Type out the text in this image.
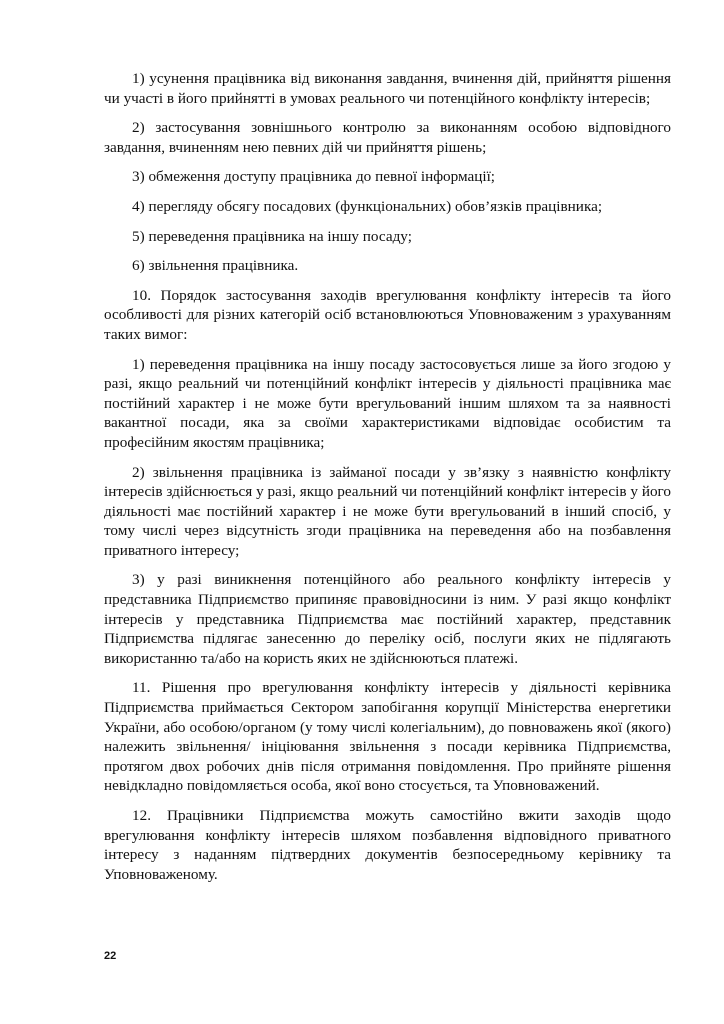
1) усунення працівника від виконання завдання, вчинення дій, прийняття рішення чи участі в його прийнятті в умовах реального чи потенційного конфлікту інтересів;

2) застосування зовнішнього контролю за виконанням особою відповідного завдання, вчиненням нею певних дій чи прийняття рішень;

3) обмеження доступу працівника до певної інформації;

4) перегляду обсягу посадових (функціональних) обов’язків працівника;

5) переведення працівника на іншу посаду;

6) звільнення працівника.

10. Порядок застосування заходів врегулювання конфлікту інтересів та його особливості для різних категорій осіб встановлюються Уповноваженим з урахуванням таких вимог:

1) переведення працівника на іншу посаду застосовується лише за його згодою у разі, якщо реальний чи потенційний конфлікт інтересів у діяльності працівника має постійний характер і не може бути врегульований іншим шляхом та за наявності вакантної посади, яка за своїми характеристиками відповідає особистим та професійним якостям працівника;

2) звільнення працівника із займаної посади у зв’язку з наявністю конфлікту інтересів здійснюється у разі, якщо реальний чи потенційний конфлікт інтересів у його діяльності має постійний характер і не може бути врегульований в інший спосіб, у тому числі через відсутність згоди працівника на переведення або на позбавлення приватного інтересу;

3) у разі виникнення потенційного або реального конфлікту інтересів у представника Підприємство припиняє правовідносини із ним. У разі якщо конфлікт інтересів у представника Підприємства має постійний характер, представник Підприємства підлягає занесенню до переліку осіб, послуги яких не підлягають використанню та/або на користь яких не здійснюються платежі.

11. Рішення про врегулювання конфлікту інтересів у діяльності керівника Підприємства приймається Сектором запобігання корупції Міністерства енергетики України, або особою/органом (у тому числі колегіальним), до повноважень якої (якого) належить звільнення/ ініціювання звільнення з посади керівника Підприємства, протягом двох робочих днів після отримання повідомлення. Про прийняте рішення невідкладно повідомляється особа, якої воно стосується, та Уповноважений.

12. Працівники Підприємства можуть самостійно вжити заходів щодо врегулювання конфлікту інтересів шляхом позбавлення відповідного приватного інтересу з наданням підтвердних документів безпосередньому керівнику та Уповноваженому.

22
